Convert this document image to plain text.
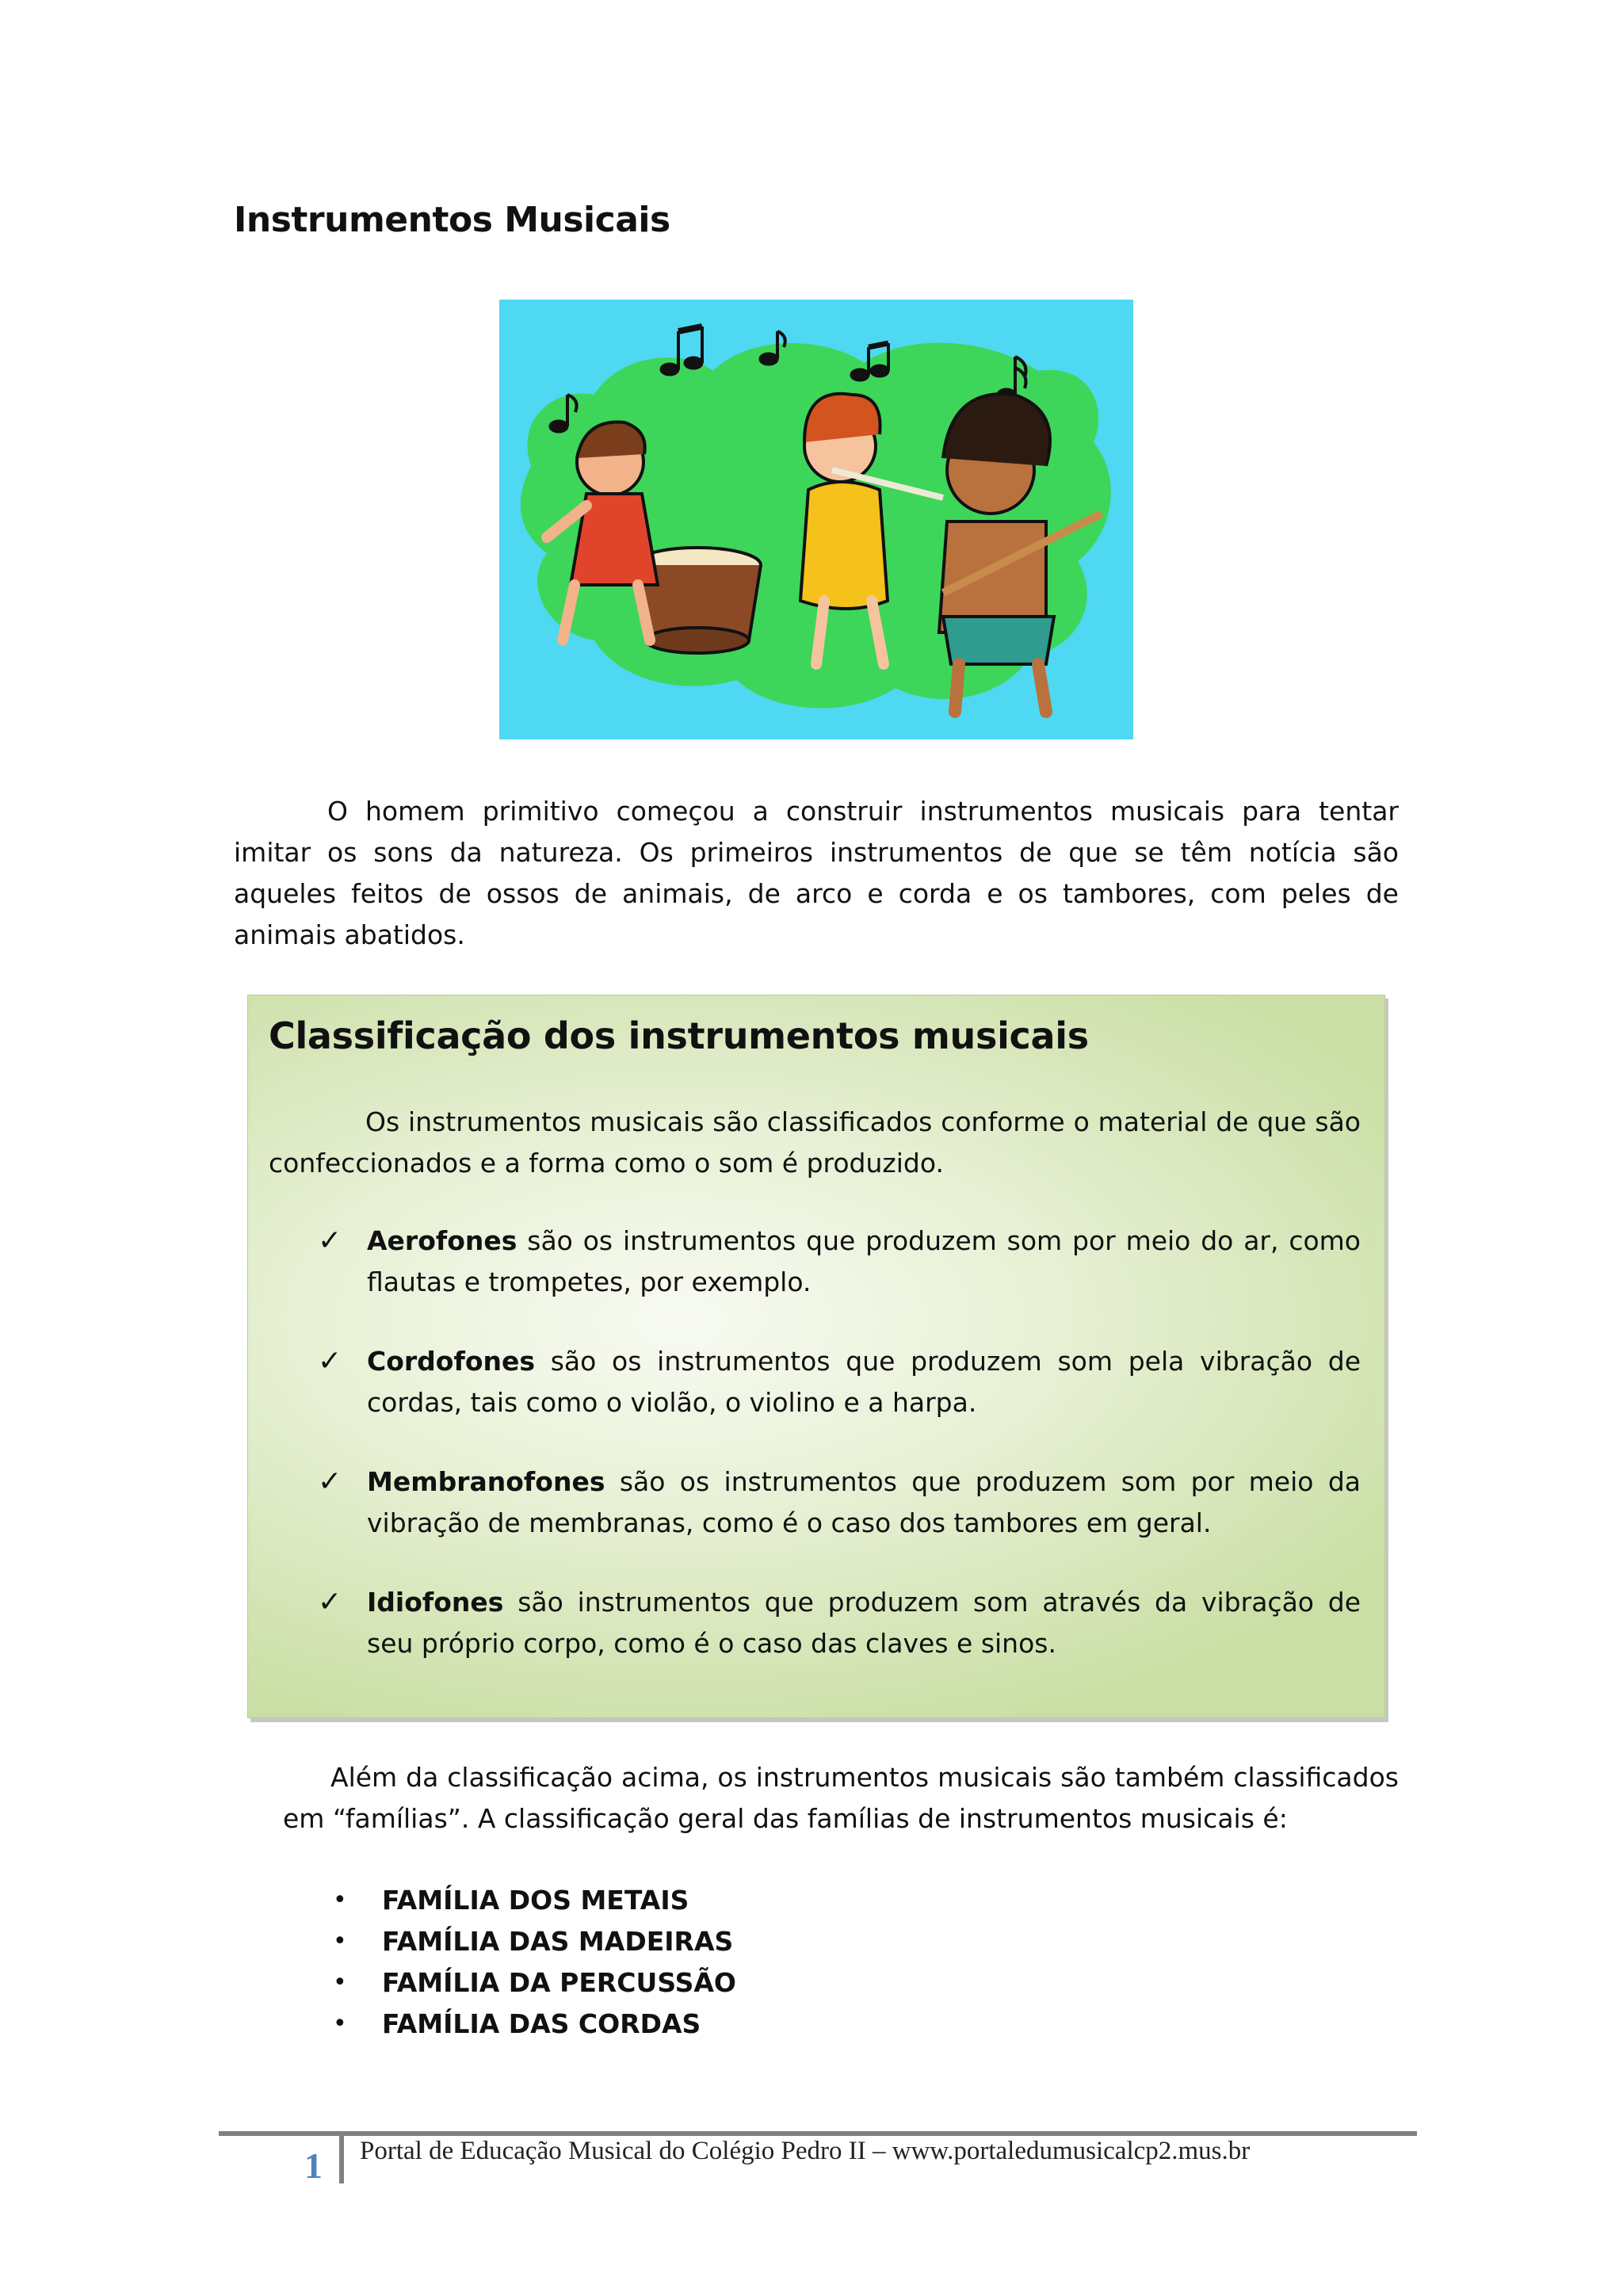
Instrumentos Musicais

O homem primitivo começou a construir instrumentos musicais para tentar imitar os sons da natureza. Os primeiros instrumentos de que se têm notícia são aqueles feitos de ossos de animais, de arco e corda e os tambores, com peles de animais abatidos.

Classificação dos instrumentos musicais

Os instrumentos musicais são classificados conforme o material de que são confeccionados e a forma como o som é produzido.

✓ Aerofones são os instrumentos que produzem som por meio do ar, como flautas e trompetes, por exemplo.
✓ Cordofones são os instrumentos que produzem som pela vibração de cordas, tais como o violão, o violino e a harpa.
✓ Membranofones são os instrumentos que produzem som por meio da vibração de membranas, como é o caso dos tambores em geral.
✓ Idiofones são instrumentos que produzem som através da vibração de seu próprio corpo, como é o caso das claves e sinos.

Além da classificação acima, os instrumentos musicais são também classificados em “famílias”. A classificação geral das famílias de instrumentos musicais é:

• FAMÍLIA DOS METAIS
• FAMÍLIA DAS MADEIRAS
• FAMÍLIA DA PERCUSSÃO
• FAMÍLIA DAS CORDAS
1 Portal de Educação Musical do Colégio Pedro II – www.portaledumusicalcp2.mus.br
